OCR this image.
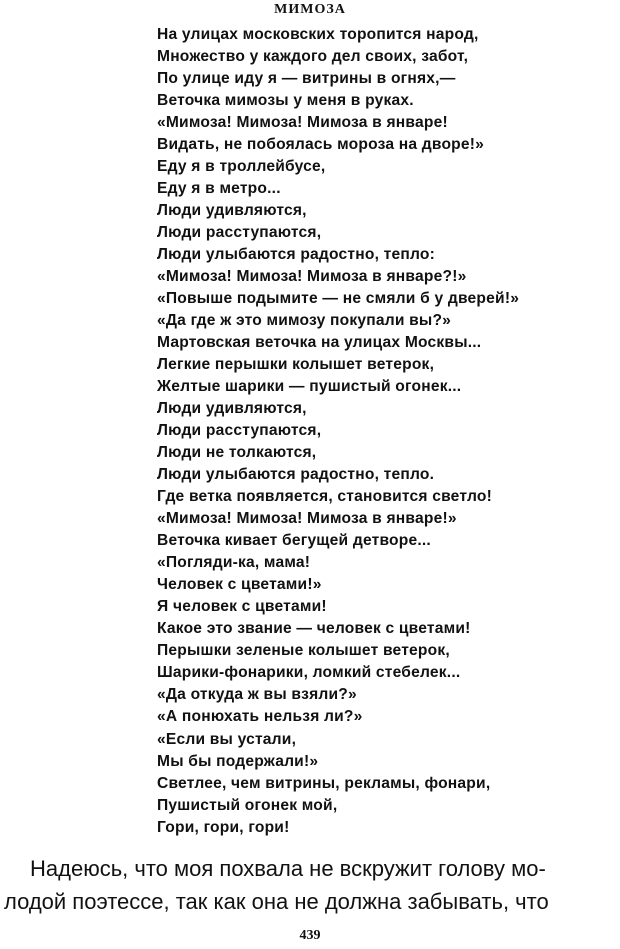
МИМОЗА
На улицах московских торопится народ,
Множество у каждого дел своих, забот,
По улице иду я — витрины в огнях,—
Веточка мимозы у меня в руках.
«Мимоза! Мимоза! Мимоза в январе!
Видать, не побоялась мороза на дворе!»
Еду я в троллейбусе,
Еду я в метро...
Люди удивляются,
Люди расступаются,
Люди улыбаются радостно, тепло:
«Мимоза! Мимоза! Мимоза в январе?!»
«Повыше подымите — не смяли б у дверей!»
«Да где ж это мимозу покупали вы?»
Мартовская веточка на улицах Москвы...
Легкие перышки колышет ветерок,
Желтые шарики — пушистый огонек...
Люди удивляются,
Люди расступаются,
Люди не толкаются,
Люди улыбаются радостно, тепло.
Где ветка появляется, становится светло!
«Мимоза! Мимоза! Мимоза в январе!»
Веточка кивает бегущей детворе...
«Погляди-ка, мама!
Человек с цветами!»
Я человек с цветами!
Какое это звание — человек с цветами!
Перышки зеленые колышет ветерок,
Шарики-фонарики, ломкий стебелек...
«Да откуда ж вы взяли?»
«А понюхать нельзя ли?»
«Если вы устали,
Мы бы подержали!»
Светлее, чем витрины, рекламы, фонари,
Пушистый огонек мой,
Гори, гори, гори!

Надеюсь, что моя похвала не вскружит голову мо-

лодой поэтессе, так как она не должна забывать, что

439
